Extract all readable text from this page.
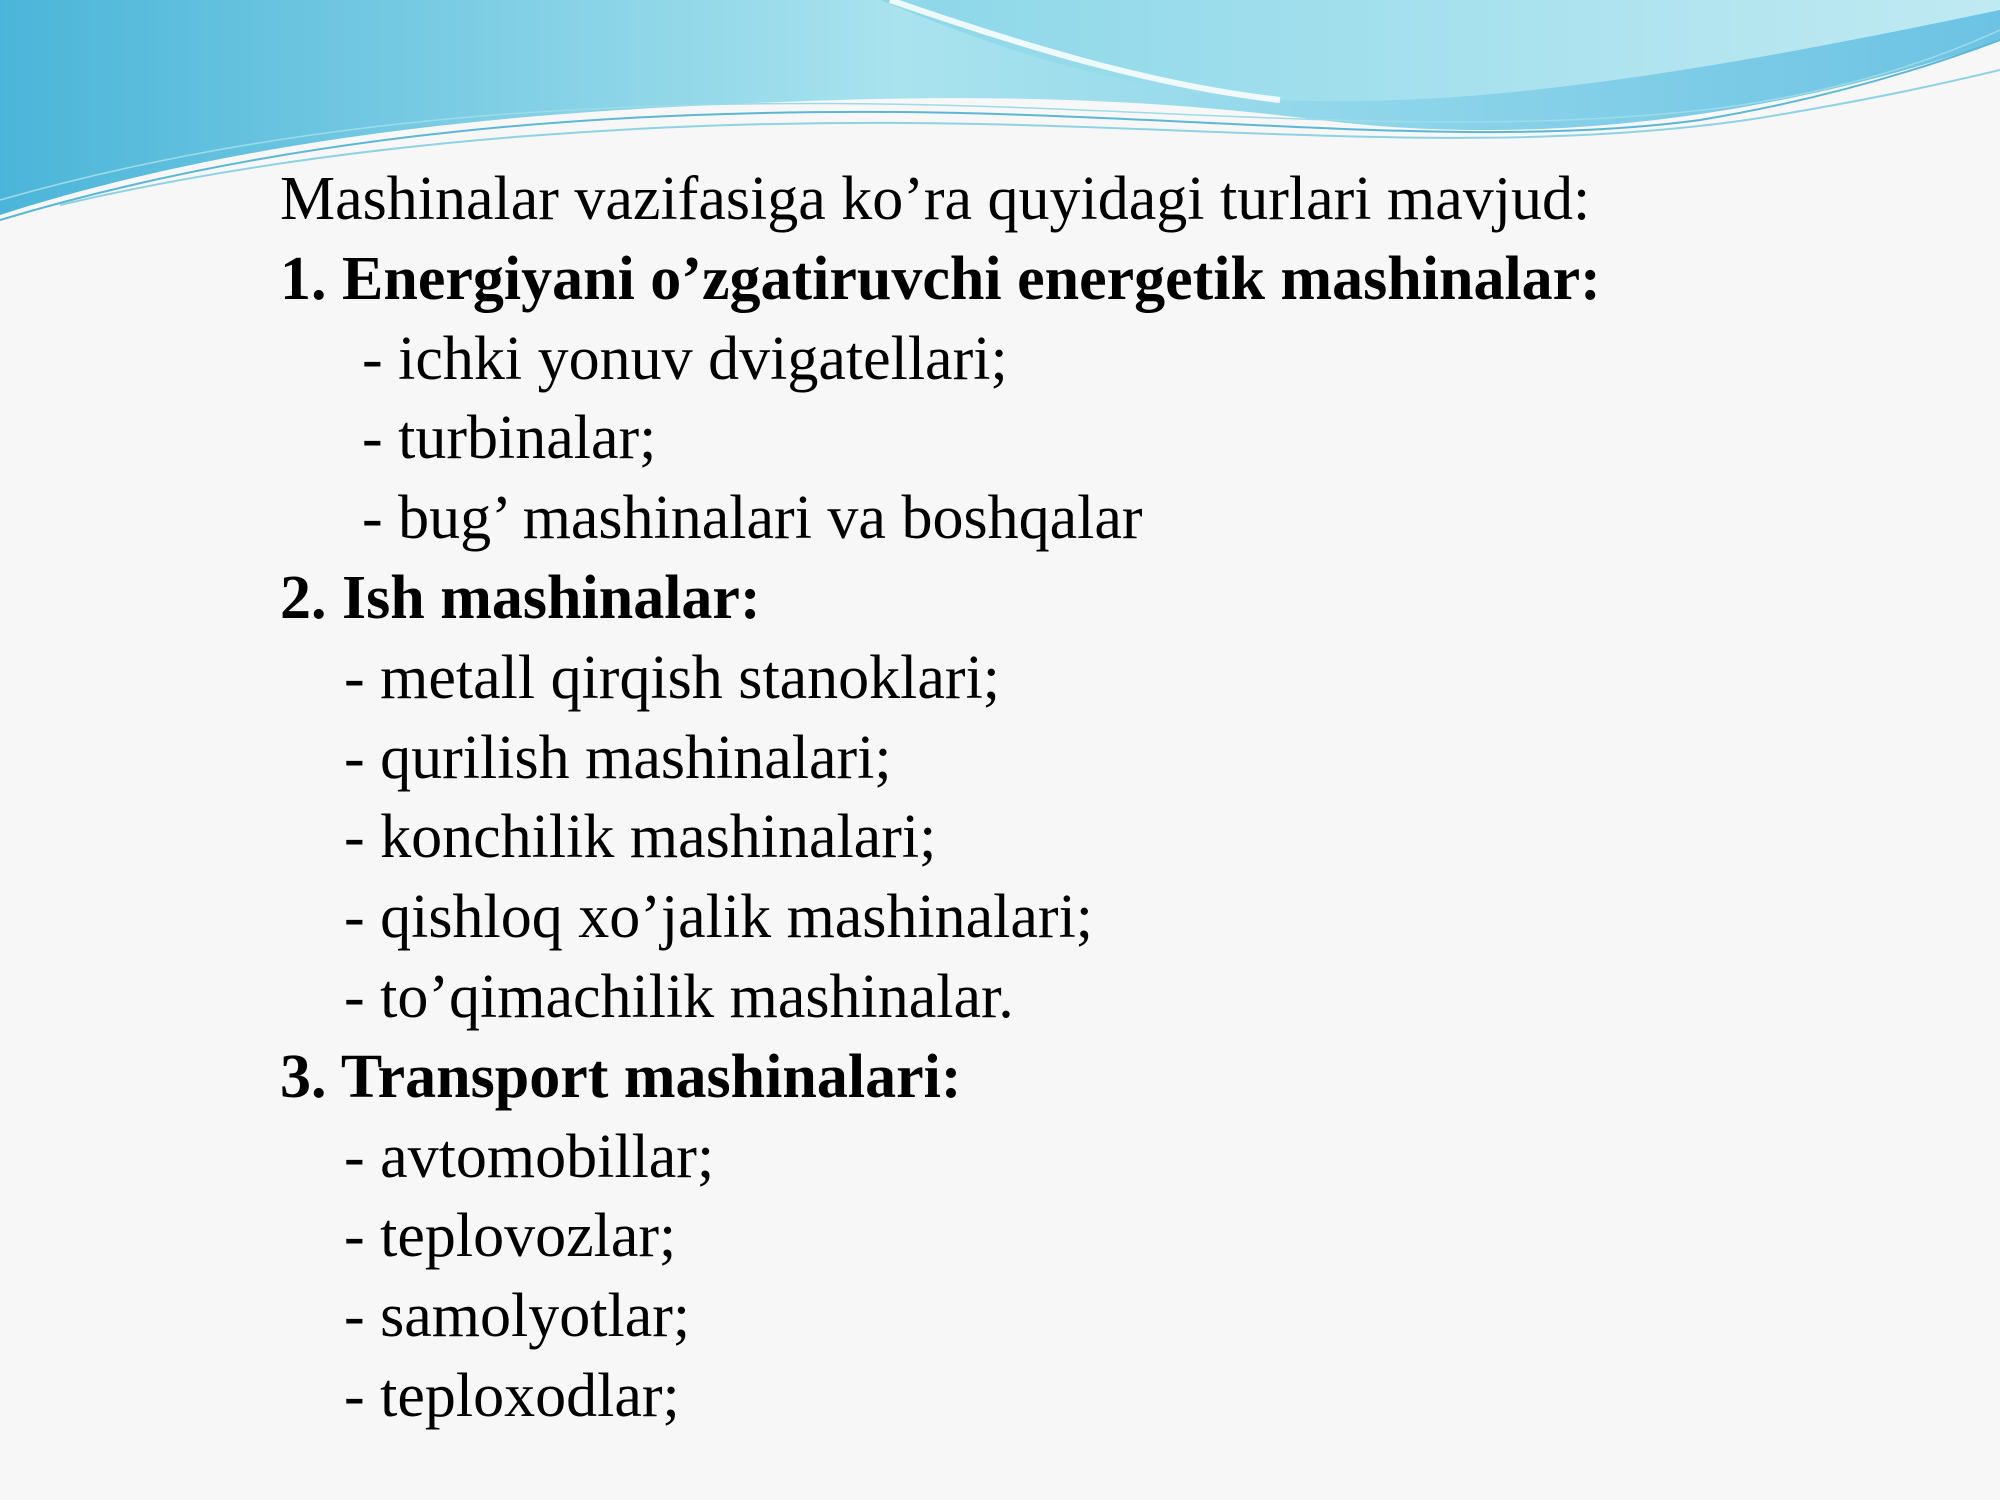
Mashinalar vazifasiga ko’ra quyidagi turlari mavjud:
1. Energiyani o’zgatiruvchi energetik mashinalar:
- ichki yonuv dvigatellari;
- turbinalar;
- bug’ mashinalari va boshqalar
2. Ish mashinalar:
- metall qirqish stanoklari;
- qurilish mashinalari;
- konchilik mashinalari;
- qishloq xo’jalik mashinalari;
- to’qimachilik mashinalar.
3. Transport mashinalari:
- avtomobillar;
- teplovozlar;
- samolyotlar;
- teploxodlar;
